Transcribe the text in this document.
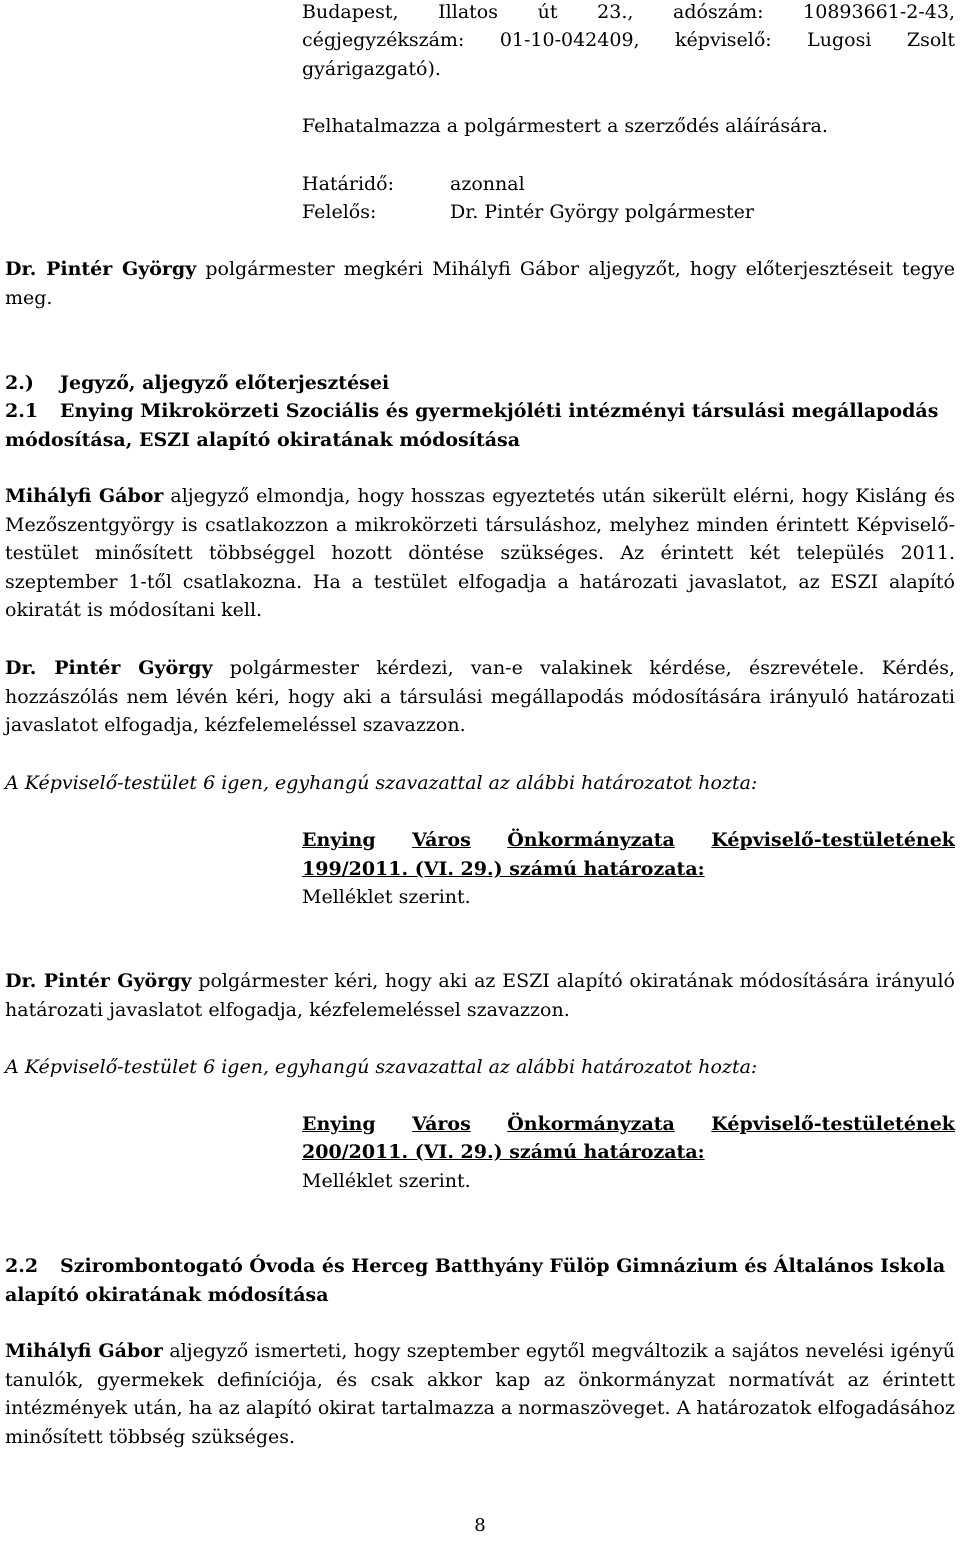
Budapest, Illatos út 23., adószám: 10893661-2-43,
cégjegyzékszám: 01-10-042409, képviselő: Lugosi Zsolt
gyárigazgató).

Felhatalmazza a polgármestert a szerződés aláírására.

Határidő:	azonnal
Felelős:	Dr. Pintér György polgármester

Dr. Pintér György polgármester megkéri Mihályfi Gábor aljegyzőt, hogy előterjesztéseit tegye meg.

2.) Jegyző, aljegyző előterjesztései
2.1 Enying Mikrokörzeti Szociális és gyermekjóléti intézményi társulási megállapodás módosítása, ESZI alapító okiratának módosítása

Mihályfi Gábor aljegyző elmondja, hogy hosszas egyeztetés után sikerült elérni, hogy Kisláng és Mezőszentgyörgy is csatlakozzon a mikrokörzeti társuláshoz, melyhez minden érintett Képviselő-testület minősített többséggel hozott döntése szükséges. Az érintett két település 2011. szeptember 1-től csatlakozna. Ha a testület elfogadja a határozati javaslatot, az ESZI alapító okiratát is módosítani kell.

Dr. Pintér György polgármester kérdezi, van-e valakinek kérdése, észrevétele. Kérdés, hozzászólás nem lévén kéri, hogy aki a társulási megállapodás módosítására irányuló határozati javaslatot elfogadja, kézfelemeléssel szavazzon.

A Képviselő-testület 6 igen, egyhangú szavazattal az alábbi határozatot hozta:

Enying Város Önkormányzata Képviselő-testületének
199/2011. (VI. 29.) számú határozata:
Melléklet szerint.

Dr. Pintér György polgármester kéri, hogy aki az ESZI alapító okiratának módosítására irányuló határozati javaslatot elfogadja, kézfelemeléssel szavazzon.

A Képviselő-testület 6 igen, egyhangú szavazattal az alábbi határozatot hozta:

Enying Város Önkormányzata Képviselő-testületének
200/2011. (VI. 29.) számú határozata:
Melléklet szerint.
2.2 Szirombontogató Óvoda és Herceg Batthyány Fülöp Gimnázium és Általános Iskola alapító okiratának módosítása

Mihályfi Gábor aljegyző ismerteti, hogy szeptember egytől megváltozik a sajátos nevelési igényű tanulók, gyermekek definíciója, és csak akkor kap az önkormányzat normatívát az érintett intézmények után, ha az alapító okirat tartalmazza a normaszöveget. A határozatok elfogadásához minősített többség szükséges.

8
